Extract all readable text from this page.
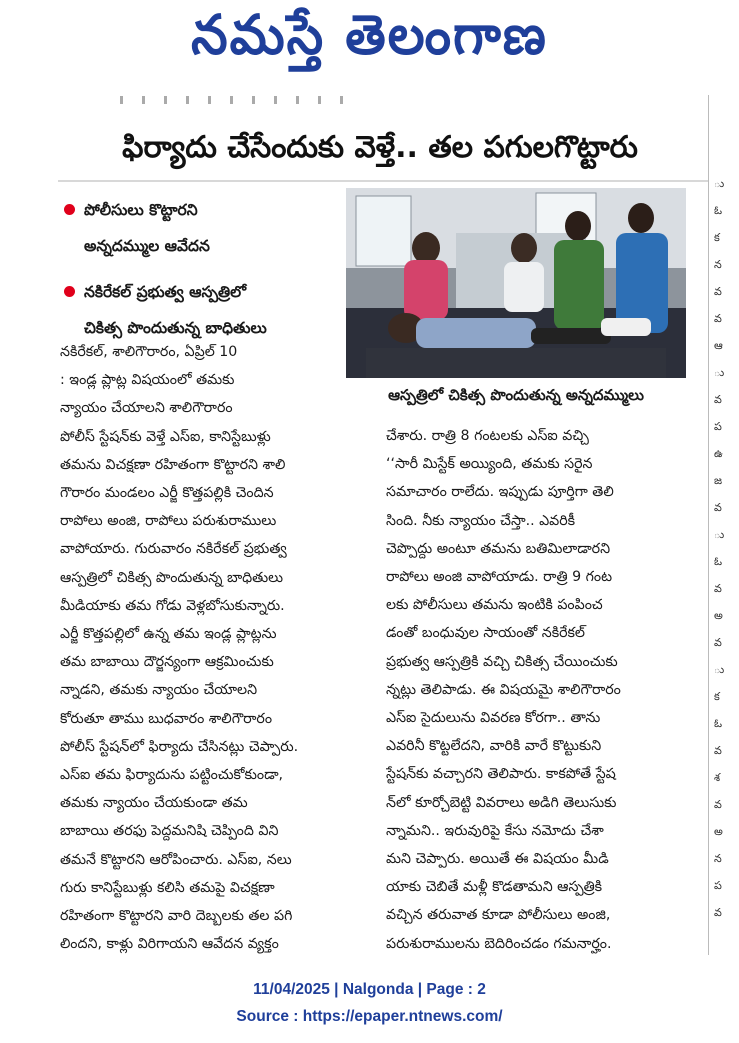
నమస్తే తెలంగాణ
ు
ఓ
క
న
వ
వ
ఆ
ు
వ
ప
ఉ
జ
వ
ు
ఓ
వ
అ
వ
ు
క
ఓ
వ
శ
వ
అ
న
ప
వ
ఫిర్యాదు చేసేందుకు వెళ్తే.. తల పగులగొట్టారు
పోలీసులు కొట్టారని
అన్నదమ్ముల ఆవేదన
నకిరేకల్ ప్రభుత్వ ఆస్పత్రిలో
చికిత్స పొందుతున్న బాధితులు
ఆస్పత్రిలో చికిత్స పొందుతున్న అన్నదమ్ములు
నకిరేకల్, శాలిగౌరారం, ఏప్రిల్ 10
: ఇండ్ల ప్లాట్ల విషయంలో తమకు
న్యాయం చేయాలని శాలిగౌరారం
పోలీస్ స్టేషన్‌కు వెళ్తే ఎస్ఐ, కానిస్టేబుళ్లు
తమను విచక్షణా రహితంగా కొట్టారని శాలి
గౌరారం మండలం ఎర్జీ కొత్తపల్లికి చెందిన
రాపోలు అంజి, రాపోలు పరుశురాములు
వాపోయారు. గురువారం నకిరేకల్ ప్రభుత్వ
ఆస్పత్రిలో చికిత్స పొందుతున్న బాధితులు
మీడియాకు తమ గోడు వెళ్లబోసుకున్నారు.
ఎర్జీ కొత్తపల్లిలో ఉన్న తమ ఇండ్ల ప్లాట్లను
తమ బాబాయి దౌర్జన్యంగా ఆక్రమించుకు
న్నాడని, తమకు న్యాయం చేయాలని
కోరుతూ తాము బుధవారం శాలిగౌరారం
పోలీస్ స్టేషన్‌లో ఫిర్యాదు చేసినట్లు చెప్పారు.
ఎస్ఐ తమ ఫిర్యాదును పట్టించుకోకుండా,
తమకు న్యాయం చేయకుండా తమ
బాబాయి తరఫు పెద్దమనిషి చెప్పింది విని
తమనే కొట్టారని ఆరోపించారు. ఎస్ఐ, నలు
గురు కానిస్టేబుళ్లు కలిసి తమపై విచక్షణా
రహితంగా కొట్టారని వారి దెబ్బలకు తల పగి
లిందని, కాళ్లు విరిగాయని ఆవేదన వ్యక్తం
చేశారు. రాత్రి 8 గంటలకు ఎస్ఐ వచ్చి
‘‘సారీ మిస్టేక్ అయ్యింది, తమకు సరైన
సమాచారం రాలేదు. ఇప్పుడు పూర్తిగా తెలి
సింది. నీకు న్యాయం చేస్తా.. ఎవరికీ
చెప్పొద్దు అంటూ తమను బతిమిలాడారని
రాపోలు అంజి వాపోయాడు. రాత్రి 9 గంట
లకు పోలీసులు తమను ఇంటికి పంపించ
డంతో బంధువుల సాయంతో నకిరేకల్
ప్రభుత్వ ఆస్పత్రికి వచ్చి చికిత్స చేయించుకు
న్నట్లు తెలిపాడు. ఈ విషయమై శాలిగౌరారం
ఎస్ఐ సైదులును వివరణ కోరగా.. తాను
ఎవరినీ కొట్టలేదని, వారికి వారే కొట్టుకుని
స్టేషన్‌కు వచ్చారని తెలిపారు. కాకపోతే స్టేష
న్‌లో కూర్చోబెట్టి వివరాలు అడిగి తెలుసుకు
న్నామని.. ఇరువురిపై కేసు నమోదు చేశా
మని చెప్పారు. అయితే ఈ విషయం మీడి
యాకు చెబితే మళ్లీ కొడతామని ఆస్పత్రికి
వచ్చిన తరువాత కూడా పోలీసులు అంజి,
పరుశురాములను బెదిరించడం గమనార్హం.
11/04/2025 | Nalgonda | Page : 2
Source : https://epaper.ntnews.com/
